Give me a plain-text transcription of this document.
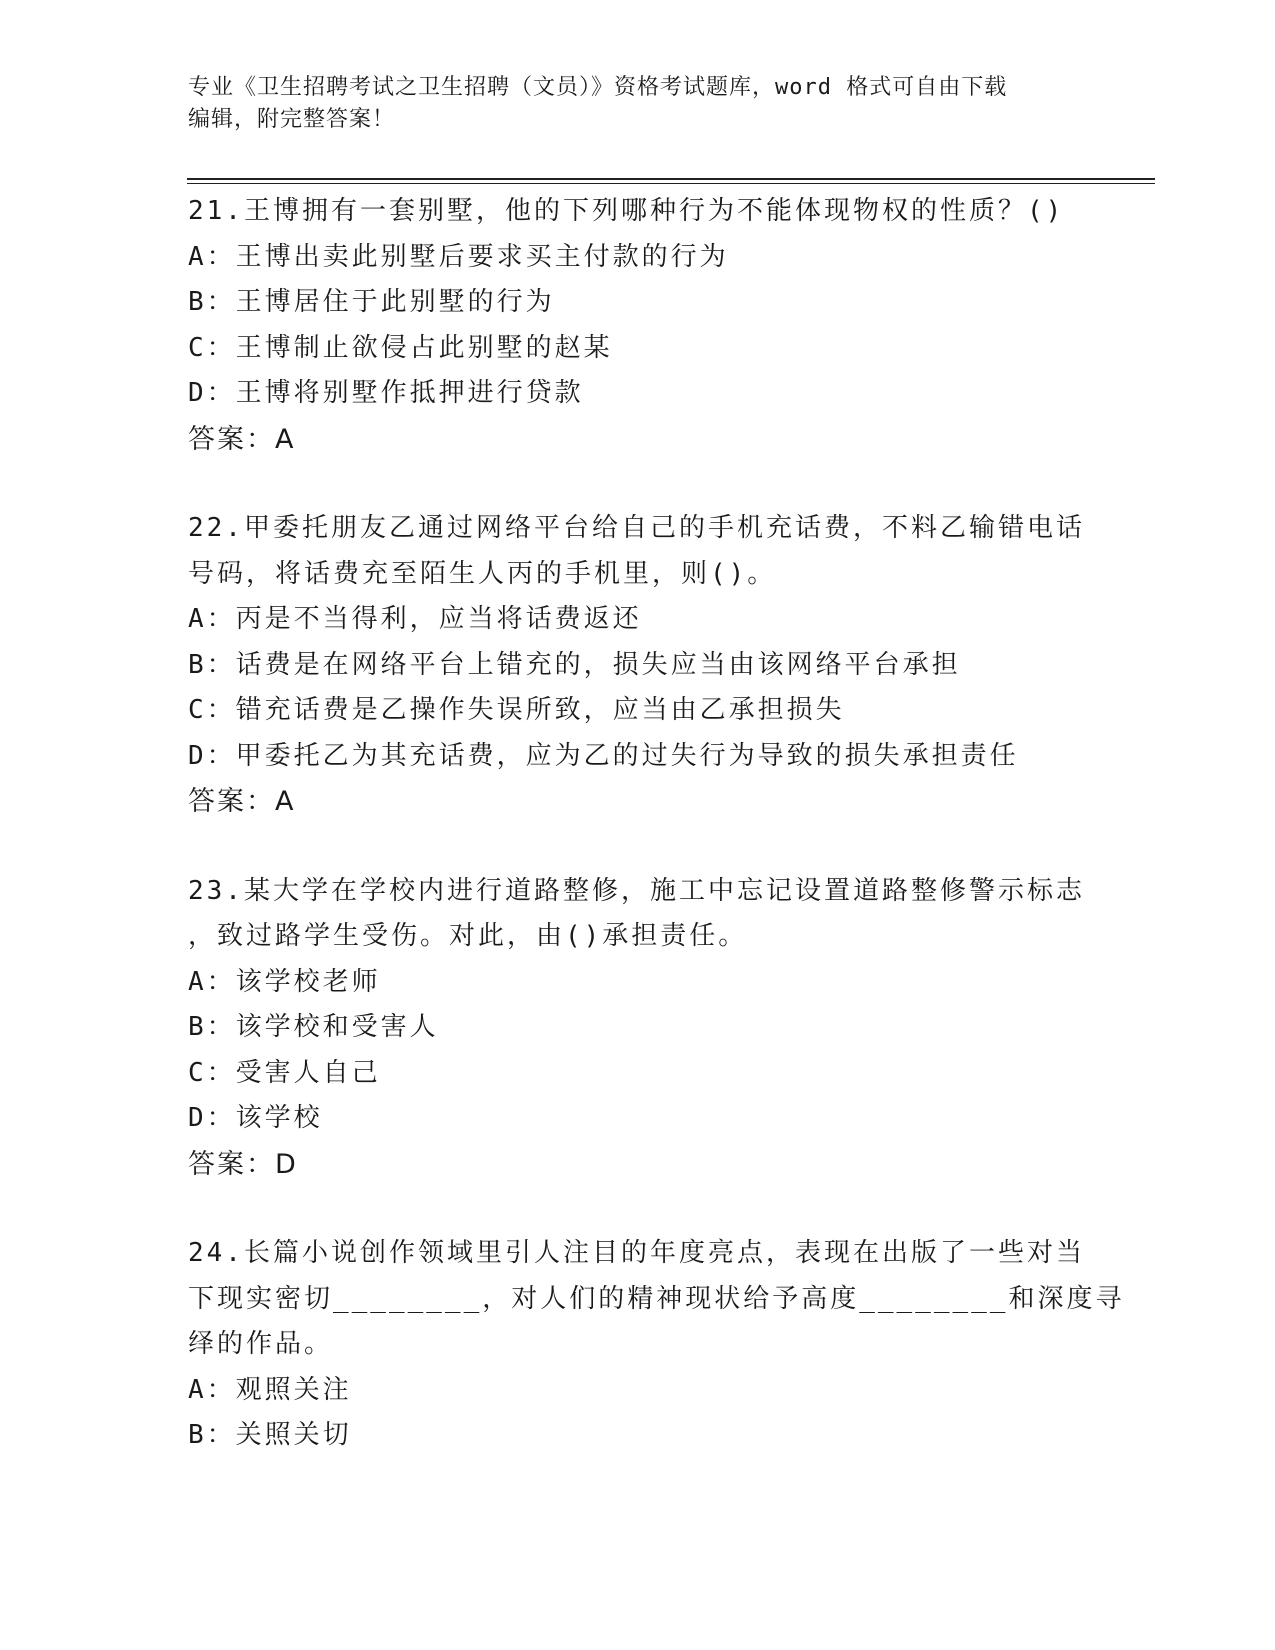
专业《卫生招聘考试之卫生招聘（文员）》资格考试题库，word 格式可自由下载
编辑，附完整答案！
21.王博拥有一套别墅，他的下列哪种行为不能体现物权的性质？()
A：王博出卖此别墅后要求买主付款的行为
B：王博居住于此别墅的行为
C：王博制止欲侵占此别墅的赵某
D：王博将别墅作抵押进行贷款
答案：A
22.甲委托朋友乙通过网络平台给自己的手机充话费，不料乙输错电话
号码，将话费充至陌生人丙的手机里，则()。
A：丙是不当得利，应当将话费返还
B：话费是在网络平台上错充的，损失应当由该网络平台承担
C：错充话费是乙操作失误所致，应当由乙承担损失
D：甲委托乙为其充话费，应为乙的过失行为导致的损失承担责任
答案：A
23.某大学在学校内进行道路整修，施工中忘记设置道路整修警示标志
，致过路学生受伤。对此，由()承担责任。
A：该学校老师
B：该学校和受害人
C：受害人自己
D：该学校
答案：D
24.长篇小说创作领域里引人注目的年度亮点，表现在出版了一些对当
下现实密切________，对人们的精神现状给予高度________和深度寻
绎的作品。
A：观照关注
B：关照关切
